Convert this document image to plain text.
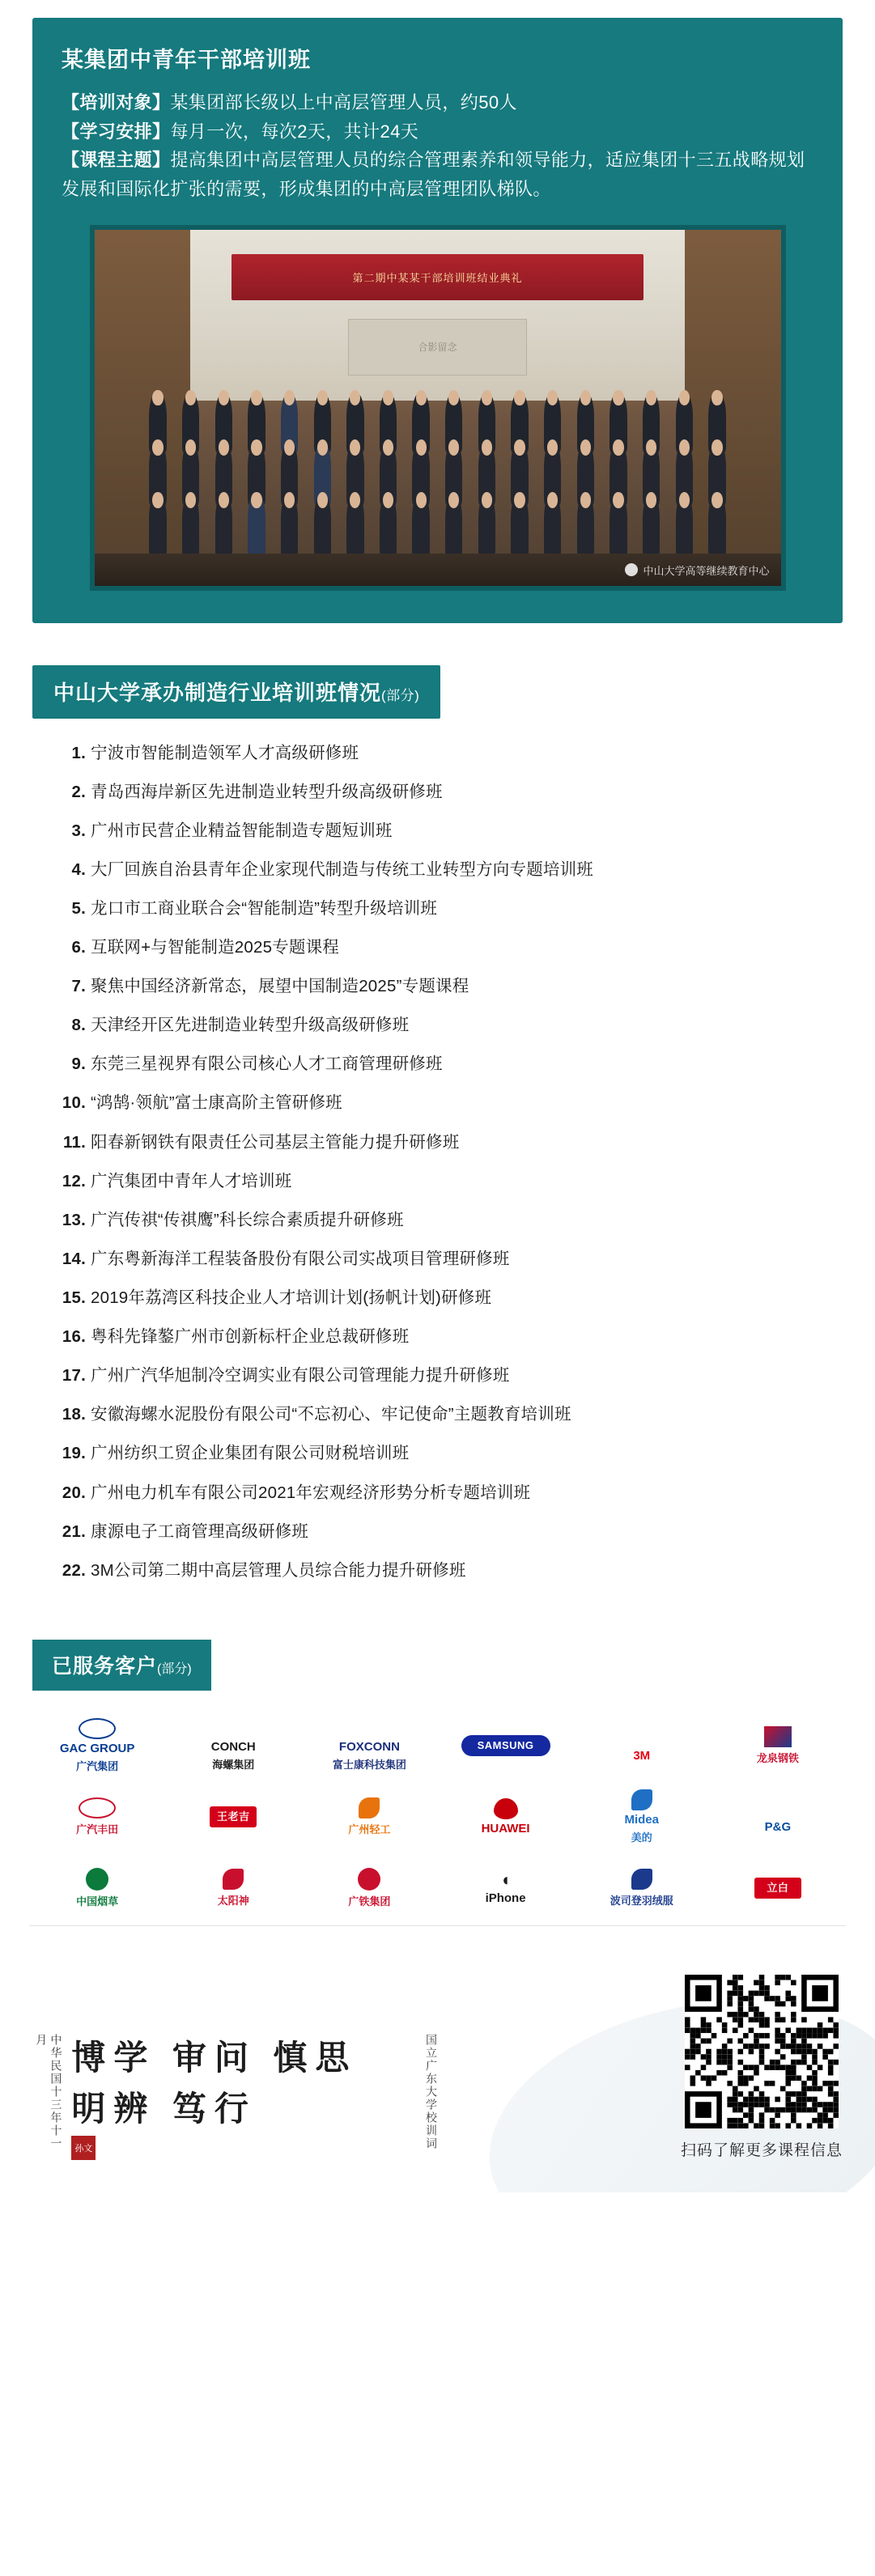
某集团中青年干部培训班
【培训对象】某集团部长级以上中高层管理人员，约50人
【学习安排】每月一次，每次2天，共计24天
【课程主题】提高集团中高层管理人员的综合管理素养和领导能力，适应集团十三五战略规划发展和国际化扩张的需要，形成集团的中高层管理团队梯队。
第二期中某某干部培训班结业典礼
合影留念
中山大学高等继续教育中心
中山大学承办制造行业培训班情况(部分)
1. 宁波市智能制造领军人才高级研修班
2. 青岛西海岸新区先进制造业转型升级高级研修班
3. 广州市民营企业精益智能制造专题短训班
4. 大厂回族自治县青年企业家现代制造与传统工业转型方向专题培训班
5. 龙口市工商业联合会“智能制造”转型升级培训班
6. 互联网+与智能制造2025专题课程
7. 聚焦中国经济新常态，展望中国制造2025”专题课程
8. 天津经开区先进制造业转型升级高级研修班
9. 东莞三星视界有限公司核心人才工商管理研修班
10. “鸿鹄·领航”富士康高阶主管研修班
11. 阳春新钢铁有限责任公司基层主管能力提升研修班
12. 广汽集团中青年人才培训班
13. 广汽传祺“传祺鹰”科长综合素质提升研修班
14. 广东粤新海洋工程装备股份有限公司实战项目管理研修班
15. 2019年荔湾区科技企业人才培训计划(扬帆计划)研修班
16. 粤科先锋鏊广州市创新标杆企业总裁研修班
17. 广州广汽华旭制冷空调实业有限公司管理能力提升研修班
18. 安徽海螺水泥股份有限公司“不忘初心、牢记使命”主题教育培训班
19. 广州纺织工贸企业集团有限公司财税培训班
20. 广州电力机车有限公司2021年宏观经济形势分析专题培训班
21. 康源电子工商管理高级研修班
22. 3M公司第二期中高层管理人员综合能力提升研修班
已服务客户(部分)
GAC GROUP
广汽集团
CONCH
海螺集团
FOXCONN
富士康科技集团
SAMSUNG
3M	龙泉钢铁
广汽丰田
王老吉
广州轻工	HUAWEI
Midea
美的
P&G
中国烟草	太阳神	广铁集团
◖
iPhone	波司登羽绒服
立白
中华民国十三年十一月 博学 审问 慎思 明辨 笃行
孙文	国立广东大学校训词
扫码了解更多课程信息
